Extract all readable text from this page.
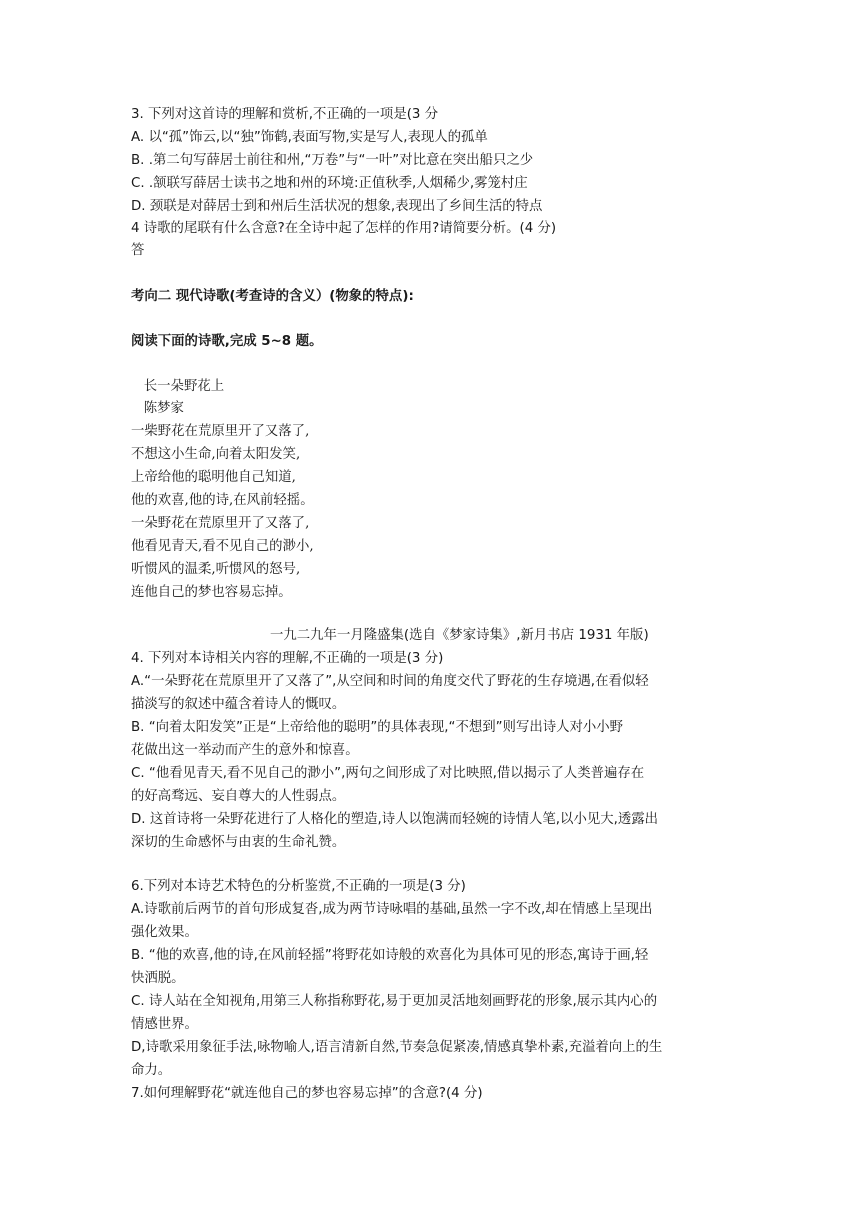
3. 下列对这首诗的理解和赏析,不正确的一项是(3 分
A. 以“孤”饰云,以“独”饰鹤,表面写物,实是写人,表现人的孤单
B. .第二句写薛居士前往和州,“万卷”与“一叶”对比意在突出船只之少
C. .颔联写薛居士读书之地和州的环境:正值秋季,人烟稀少,雾笼村庄
D. 颈联是对薛居士到和州后生活状况的想象,表现出了乡间生活的特点
4 诗歌的尾联有什么含意?在全诗中起了怎样的作用?请简要分析。(4 分)
答
考向二 现代诗歌(考查诗的含义）(物象的特点):
阅读下面的诗歌,完成 5~8 题。
长一朵野花上
陈梦家
一柴野花在荒原里开了又落了,
不想这小生命,向着太阳发笑,
上帝给他的聪明他自己知道,
他的欢喜,他的诗,在风前轻摇。
一朵野花在荒原里开了又落了,
他看见青天,看不见自己的渺小,
听惯风的温柔,听惯风的怒号,
连他自己的梦也容易忘掉。
一九二九年一月隆盛集(选自《梦家诗集》,新月书店 1931 年版)
4. 下列对本诗相关内容的理解,不正确的一项是(3 分)
A.“一朵野花在荒原里开了又落了”,从空间和时间的角度交代了野花的生存境遇,在看似轻
描淡写的叙述中蕴含着诗人的慨叹。
B. “向着太阳发笑”正是“上帝给他的聪明”的具体表现,“不想到”则写出诗人对小小野
花做出这一举动而产生的意外和惊喜。
C. “他看见青天,看不见自己的渺小”,两句之间形成了对比映照,借以揭示了人类普遍存在
的好高骛远、妄自尊大的人性弱点。
D. 这首诗将一朵野花进行了人格化的塑造,诗人以饱满而轻婉的诗情人笔,以小见大,透露出
深切的生命感怀与由衷的生命礼赞。
6.下列对本诗艺术特色的分析鉴赏,不正确的一项是(3 分)
A.诗歌前后两节的首句形成复沓,成为两节诗咏唱的基础,虽然一字不改,却在情感上呈现出
强化效果。
B. “他的欢喜,他的诗,在风前轻摇”将野花如诗般的欢喜化为具体可见的形态,寓诗于画,轻
快洒脱。
C. 诗人站在全知视角,用第三人称指称野花,易于更加灵活地刻画野花的形象,展示其内心的
情感世界。
D,诗歌采用象征手法,咏物喻人,语言清新自然,节奏急促紧凑,情感真挚朴素,充溢着向上的生
命力。
7.如何理解野花“就连他自己的梦也容易忘掉”的含意?(4 分)
